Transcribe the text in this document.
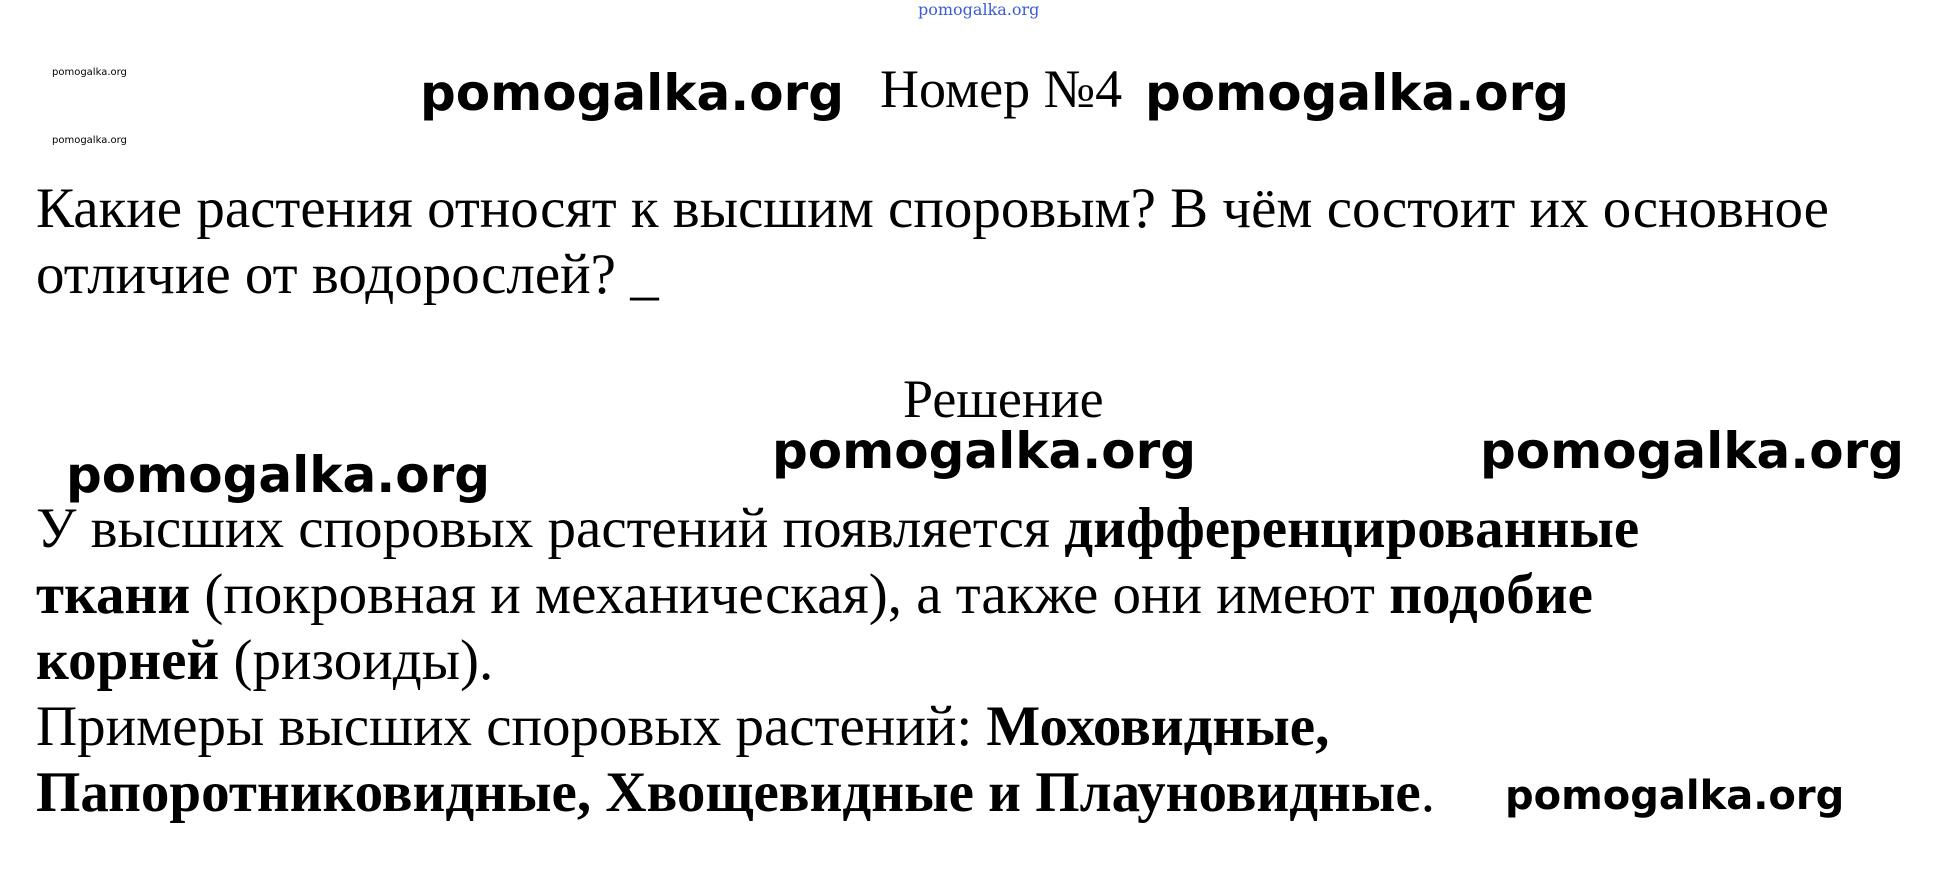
pomogalka.org
pomogalka.org
pomogalka.org
pomogalka.org Номер №4 pomogalka.org
Какие растения относят к высшим споровым? В чём состоит их основное
отличие от водорослей? _
Решение
pomogalka.org	pomogalka.org	pomogalka.org
У высших споровых растений появляется дифференцированные
ткани (покровная и механическая), а также они имеют подобие
корней (ризоиды).
Примеры высших споровых растений: Моховидные,
Папоротниковидные, Хвощевидные и Плауновидные.	pomogalka.org
